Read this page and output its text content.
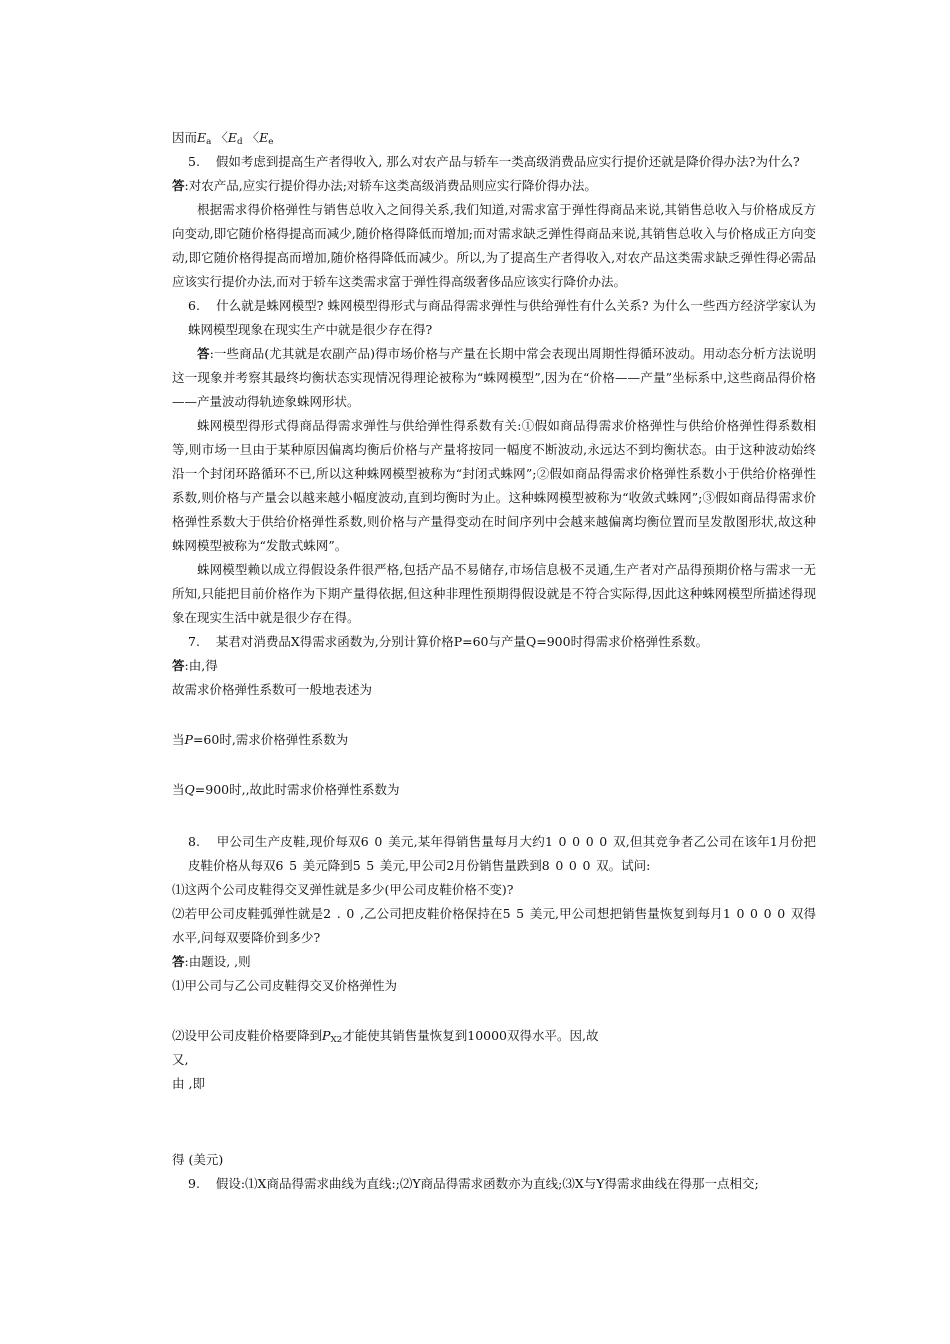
因而$E_a$ 〈$E_d$ 〈$E_e$

5. 假如考虑到提高生产者得收入, 那么对农产品与轿车一类高级消费品应实行提价还就是降价得办法?为什么?

答:对农产品,应实行提价得办法;对轿车这类高级消费品则应实行降价得办法。

根据需求得价格弹性与销售总收入之间得关系,我们知道,对需求富于弹性得商品来说,其销售总收入与价格成反方向变动,即它随价格得提高而减少,随价格得降低而增加;而对需求缺乏弹性得商品来说,其销售总收入与价格成正方向变动,即它随价格得提高而增加,随价格得降低而减少。所以,为了提高生产者得收入,对农产品这类需求缺乏弹性得必需品应该实行提价办法,而对于轿车这类需求富于弹性得高级奢侈品应该实行降价办法。

6. 什么就是蛛网模型? 蛛网模型得形式与商品得需求弹性与供给弹性有什么关系? 为什么一些西方经济学家认为蛛网模型现象在现实生产中就是很少存在得?

答:一些商品(尤其就是农副产品)得市场价格与产量在长期中常会表现出周期性得循环波动。用动态分析方法说明这一现象并考察其最终均衡状态实现情况得理论被称为“蛛网模型”,因为在“价格——产量”坐标系中,这些商品得价格——产量波动得轨迹象蛛网形状。

蛛网模型得形式得商品得需求弹性与供给弹性得系数有关:①假如商品得需求价格弹性与供给价格弹性得系数相等,则市场一旦由于某种原因偏离均衡后价格与产量将按同一幅度不断波动,永远达不到均衡状态。由于这种波动始终沿一个封闭环路循环不已,所以这种蛛网模型被称为“封闭式蛛网”;②假如商品得需求价格弹性系数小于供给价格弹性系数,则价格与产量会以越来越小幅度波动,直到均衡时为止。这种蛛网模型被称为“收敛式蛛网”;③假如商品得需求价格弹性系数大于供给价格弹性系数,则价格与产量得变动在时间序列中会越来越偏离均衡位置而呈发散图形状,故这种蛛网模型被称为“发散式蛛网”。

蛛网模型赖以成立得假设条件很严格,包括产品不易储存,市场信息极不灵通,生产者对产品得预期价格与需求一无所知,只能把目前价格作为下期产量得依据,但这种非理性预期得假设就是不符合实际得,因此这种蛛网模型所描述得现象在现实生活中就是很少存在得。

7. 某君对消费品X得需求函数为,分别计算价格P=60与产量Q=900时得需求价格弹性系数。

答:由,得

故需求价格弹性系数可一般地表述为

当P=60时,需求价格弹性系数为

当Q=900时,,故此时需求价格弹性系数为

8. 甲公司生产皮鞋,现价每双60美元,某年得销售量每月大约10000双,但其竞争者乙公司在该年1月份把皮鞋价格从每双65美元降到55美元,甲公司2月份销售量跌到8000双。试问:

⑴这两个公司皮鞋得交叉弹性就是多少(甲公司皮鞋价格不变)?

⑵若甲公司皮鞋弧弹性就是2.0,乙公司把皮鞋价格保持在55美元,甲公司想把销售量恢复到每月10000双得水平,问每双要降价到多少?

答:由题设, ,则

⑴甲公司与乙公司皮鞋得交叉价格弹性为

⑵设甲公司皮鞋价格要降到$P_{X2}$才能使其销售量恢复到10000双得水平。因,故

又,

由 ,即

得 (美元)

9. 假设:⑴X商品得需求曲线为直线:;⑵Y商品得需求函数亦为直线;⑶X与Y得需求曲线在得那一点相交;
